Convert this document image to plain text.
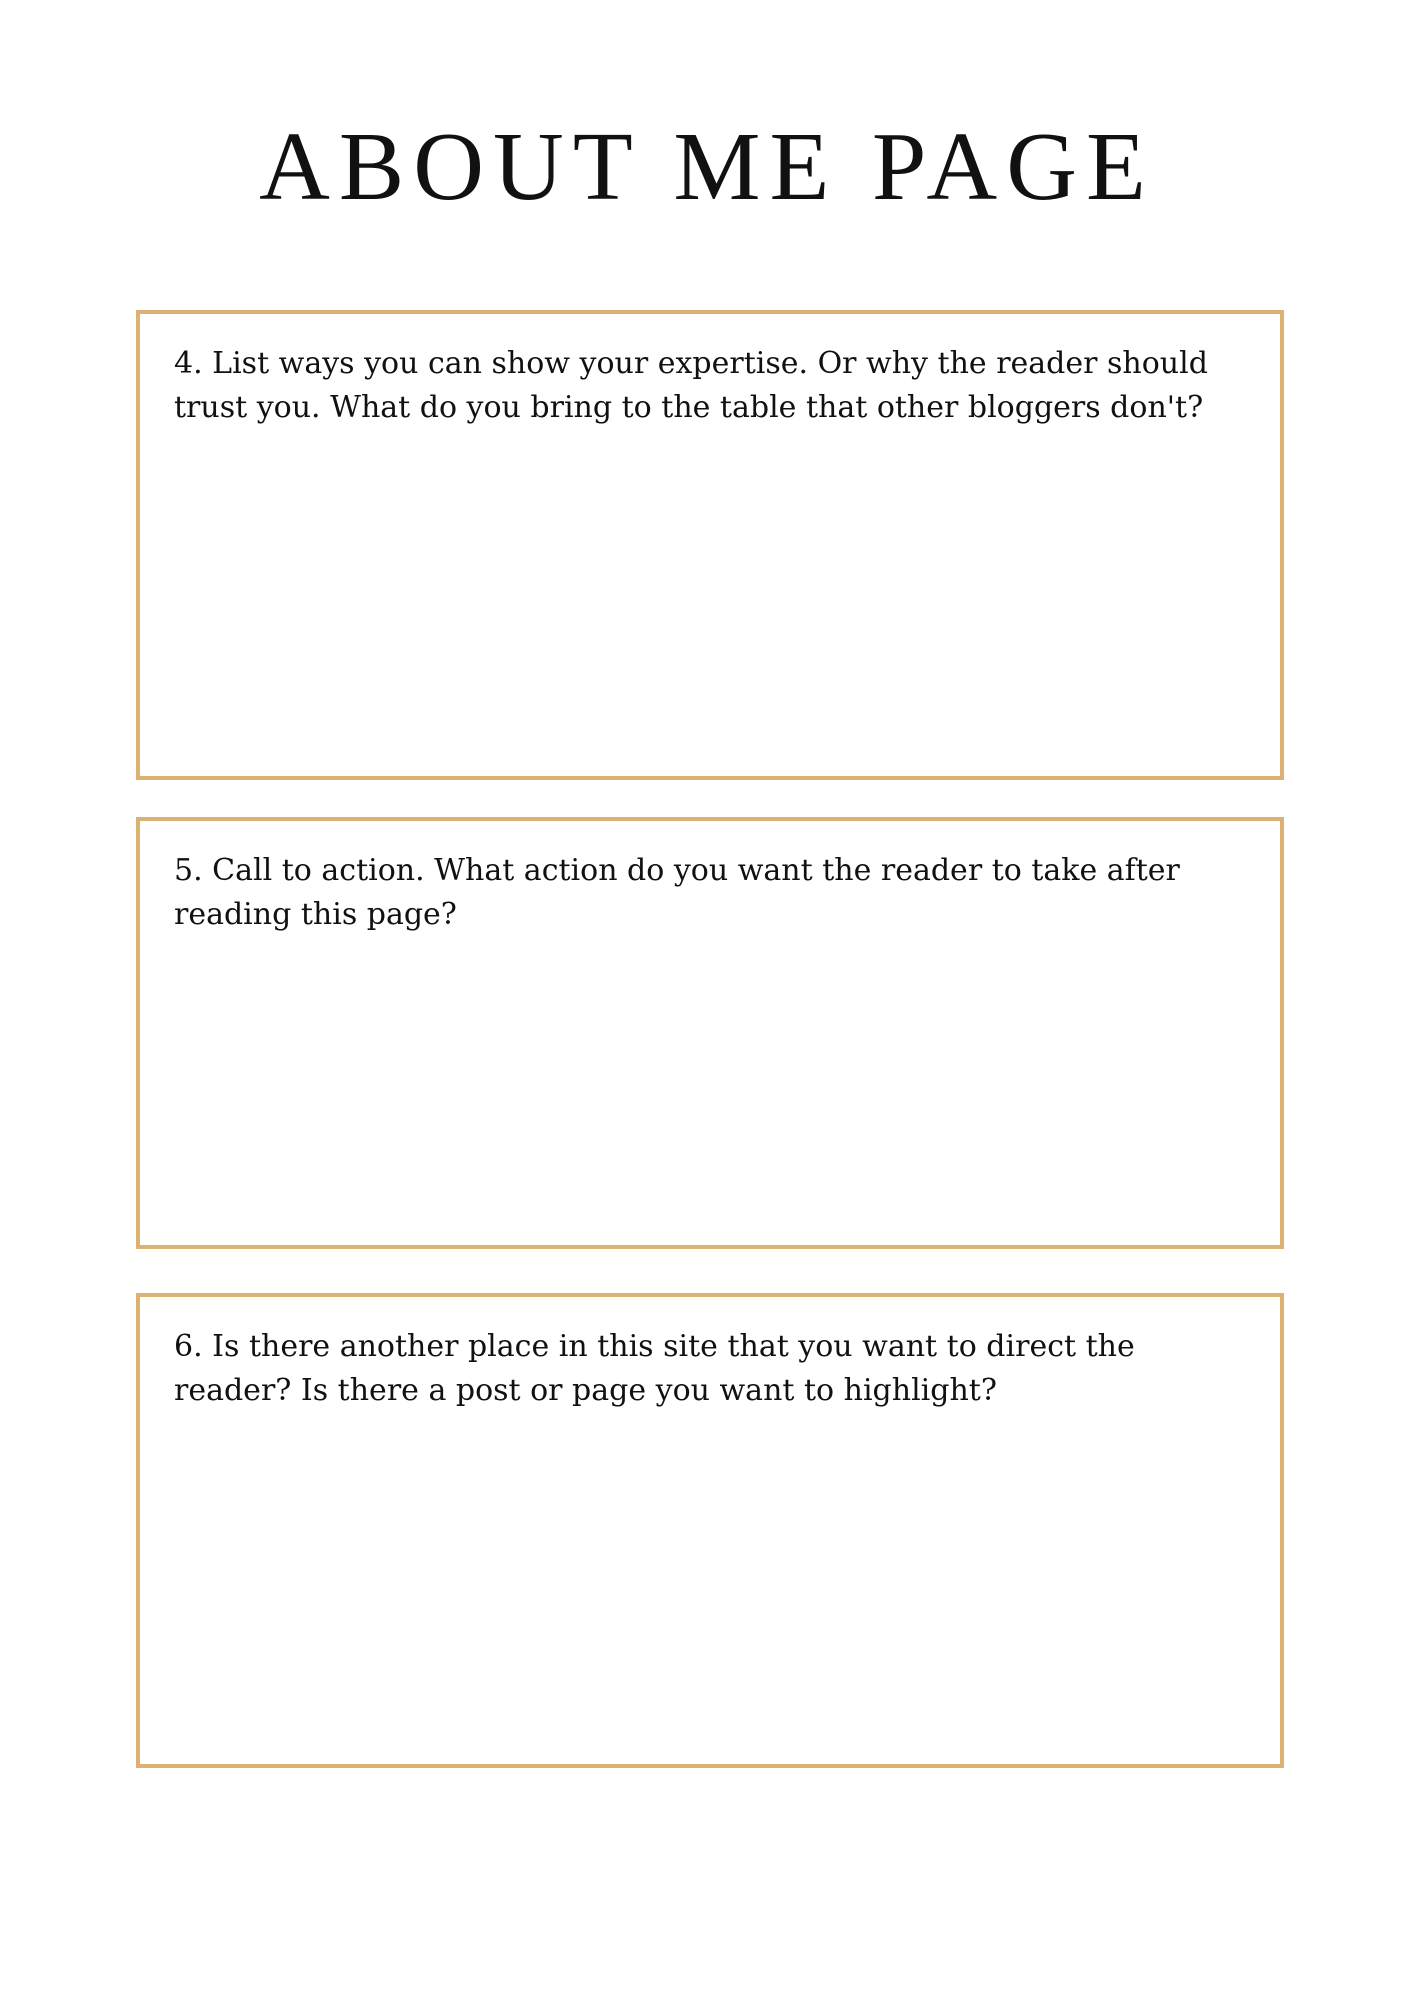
ABOUT ME PAGE

4. List ways you can show your expertise. Or why the reader should trust you. What do you bring to the table that other bloggers don't?

5. Call to action. What action do you want the reader to take after reading this page?

6. Is there another place in this site that you want to direct the reader? Is there a post or page you want to highlight?
